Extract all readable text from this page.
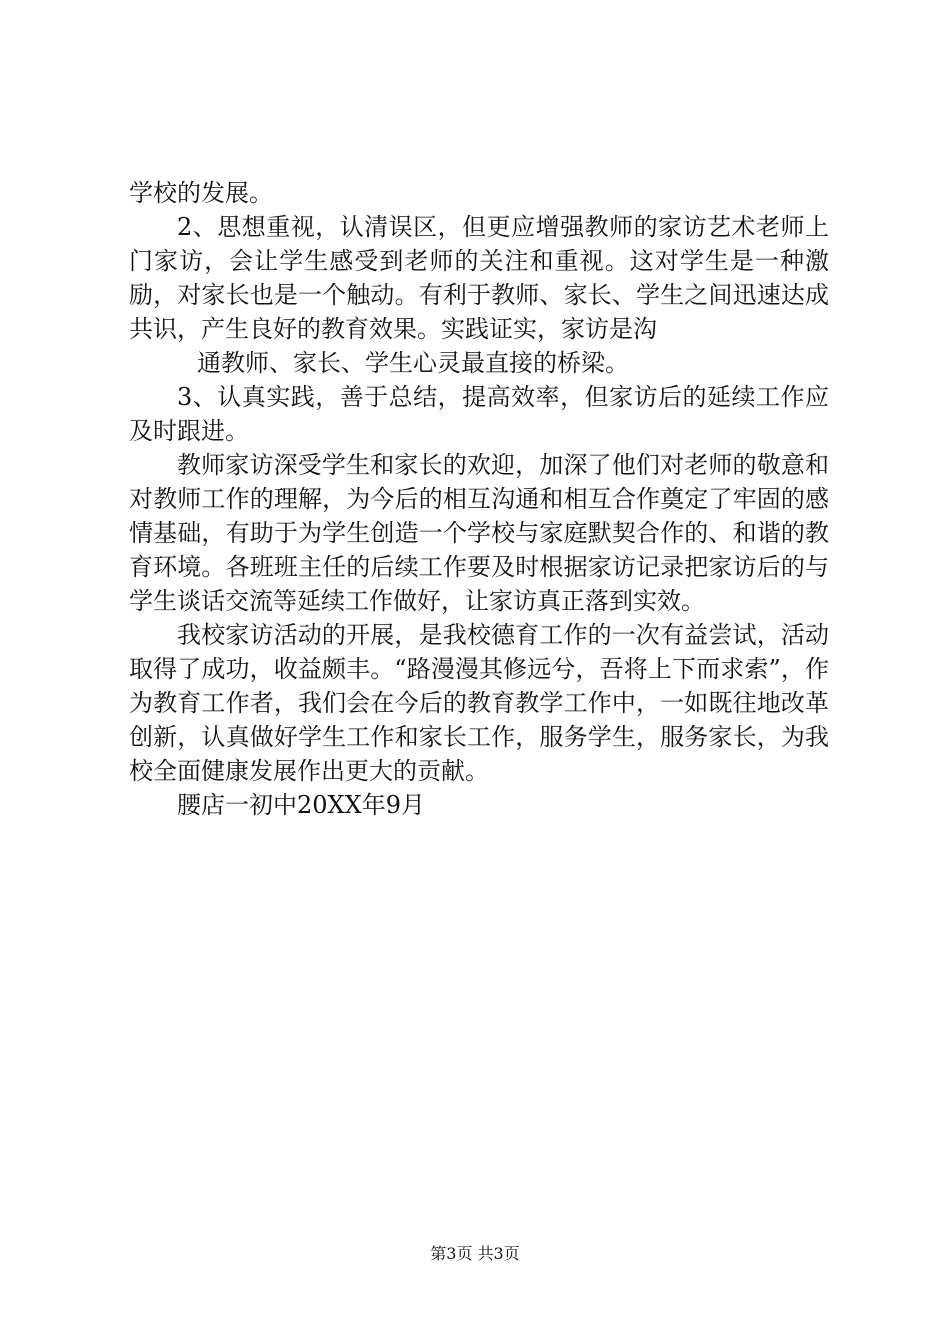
学校的发展。

2、思想重视，认清误区，但更应增强教师的家访艺术老师上门家访，会让学生感受到老师的关注和重视。这对学生是一种激励，对家长也是一个触动。有利于教师、家长、学生之间迅速达成共识，产生良好的教育效果。实践证实，家访是沟

通教师、家长、学生心灵最直接的桥梁。

3、认真实践，善于总结，提高效率，但家访后的延续工作应及时跟进。

教师家访深受学生和家长的欢迎，加深了他们对老师的敬意和对教师工作的理解，为今后的相互沟通和相互合作奠定了牢固的感情基础，有助于为学生创造一个学校与家庭默契合作的、和谐的教育环境。各班班主任的后续工作要及时根据家访记录把家访后的与学生谈话交流等延续工作做好，让家访真正落到实效。

我校家访活动的开展，是我校德育工作的一次有益尝试，活动取得了成功，收益颇丰。“路漫漫其修远兮，吾将上下而求索”，作为教育工作者，我们会在今后的教育教学工作中，一如既往地改革创新，认真做好学生工作和家长工作，服务学生，服务家长，为我校全面健康发展作出更大的贡献。

腰店一初中20XX年9月

第3页 共3页
